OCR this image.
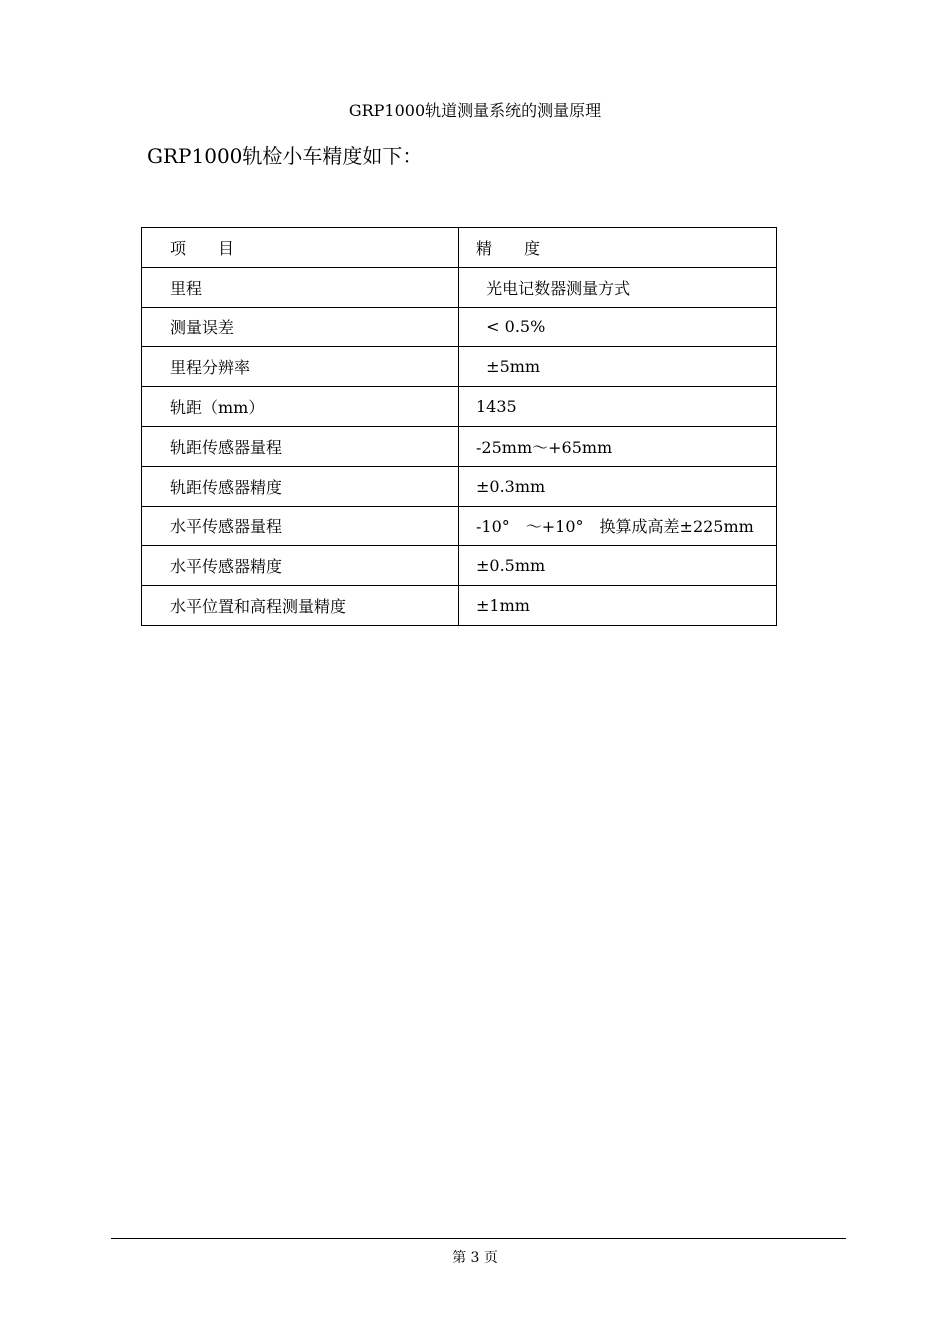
GRP1000轨道测量系统的测量原理
GRP1000轨检小车精度如下：
项　　目	精　　度
里程	光电记数器测量方式
测量误差	< 0.5%
里程分辨率	±5mm
轨距（mm）	1435
轨距传感器量程	-25mm～+65mm
轨距传感器精度	±0.3mm
水平传感器量程	-10°　～+10°　换算成高差±225mm
水平传感器精度	±0.5mm
水平位置和高程测量精度	±1mm
第 3 页
